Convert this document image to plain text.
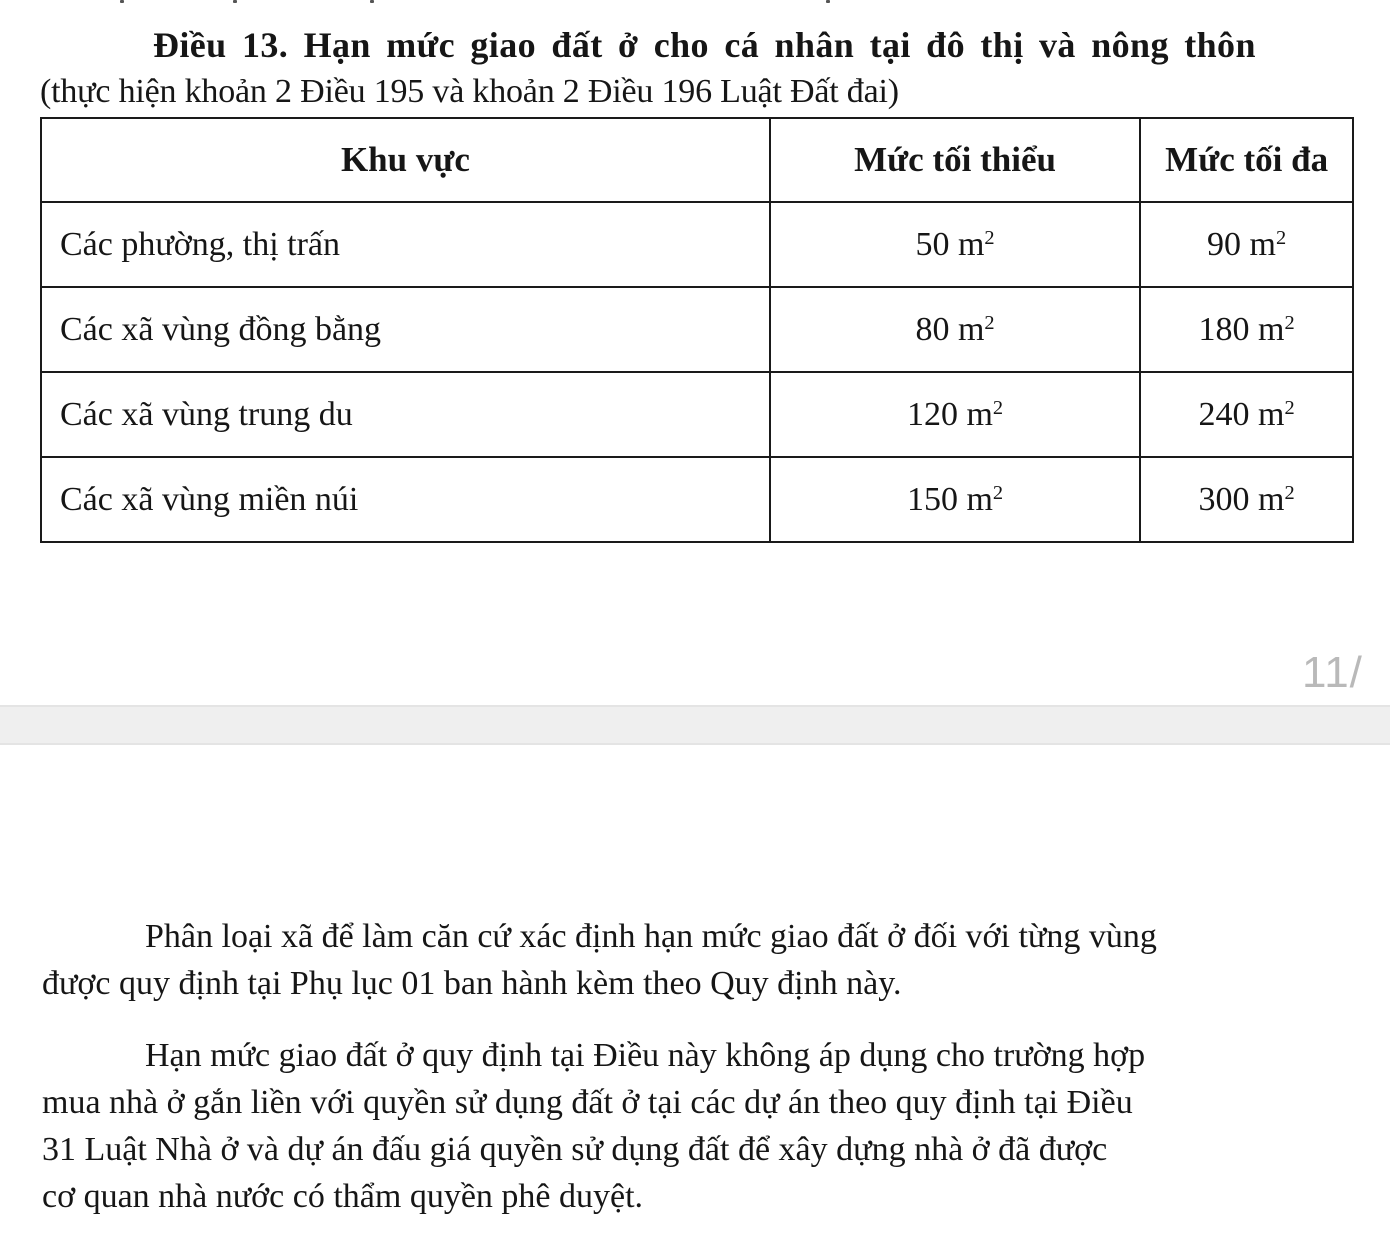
Điều 13. Hạn mức giao đất ở cho cá nhân tại đô thị và nông thôn
(thực hiện khoản 2 Điều 195 và khoản 2 Điều 196 Luật Đất đai)
Khu vực	Mức tối thiểu	Mức tối đa
Các phường, thị trấn	50 $m^2$	90 $m^2$
Các xã vùng đồng bằng	80 $m^2$	180 $m^2$
Các xã vùng trung du	120 $m^2$	240 $m^2$
Các xã vùng miền núi	150 $m^2$	300 $m^2$
11/
Phân loại xã để làm căn cứ xác định hạn mức giao đất ở đối với từng vùng
được quy định tại Phụ lục 01 ban hành kèm theo Quy định này.
Hạn mức giao đất ở quy định tại Điều này không áp dụng cho trường hợp
mua nhà ở gắn liền với quyền sử dụng đất ở tại các dự án theo quy định tại Điều
31 Luật Nhà ở và dự án đấu giá quyền sử dụng đất để xây dựng nhà ở đã được
cơ quan nhà nước có thẩm quyền phê duyệt.
